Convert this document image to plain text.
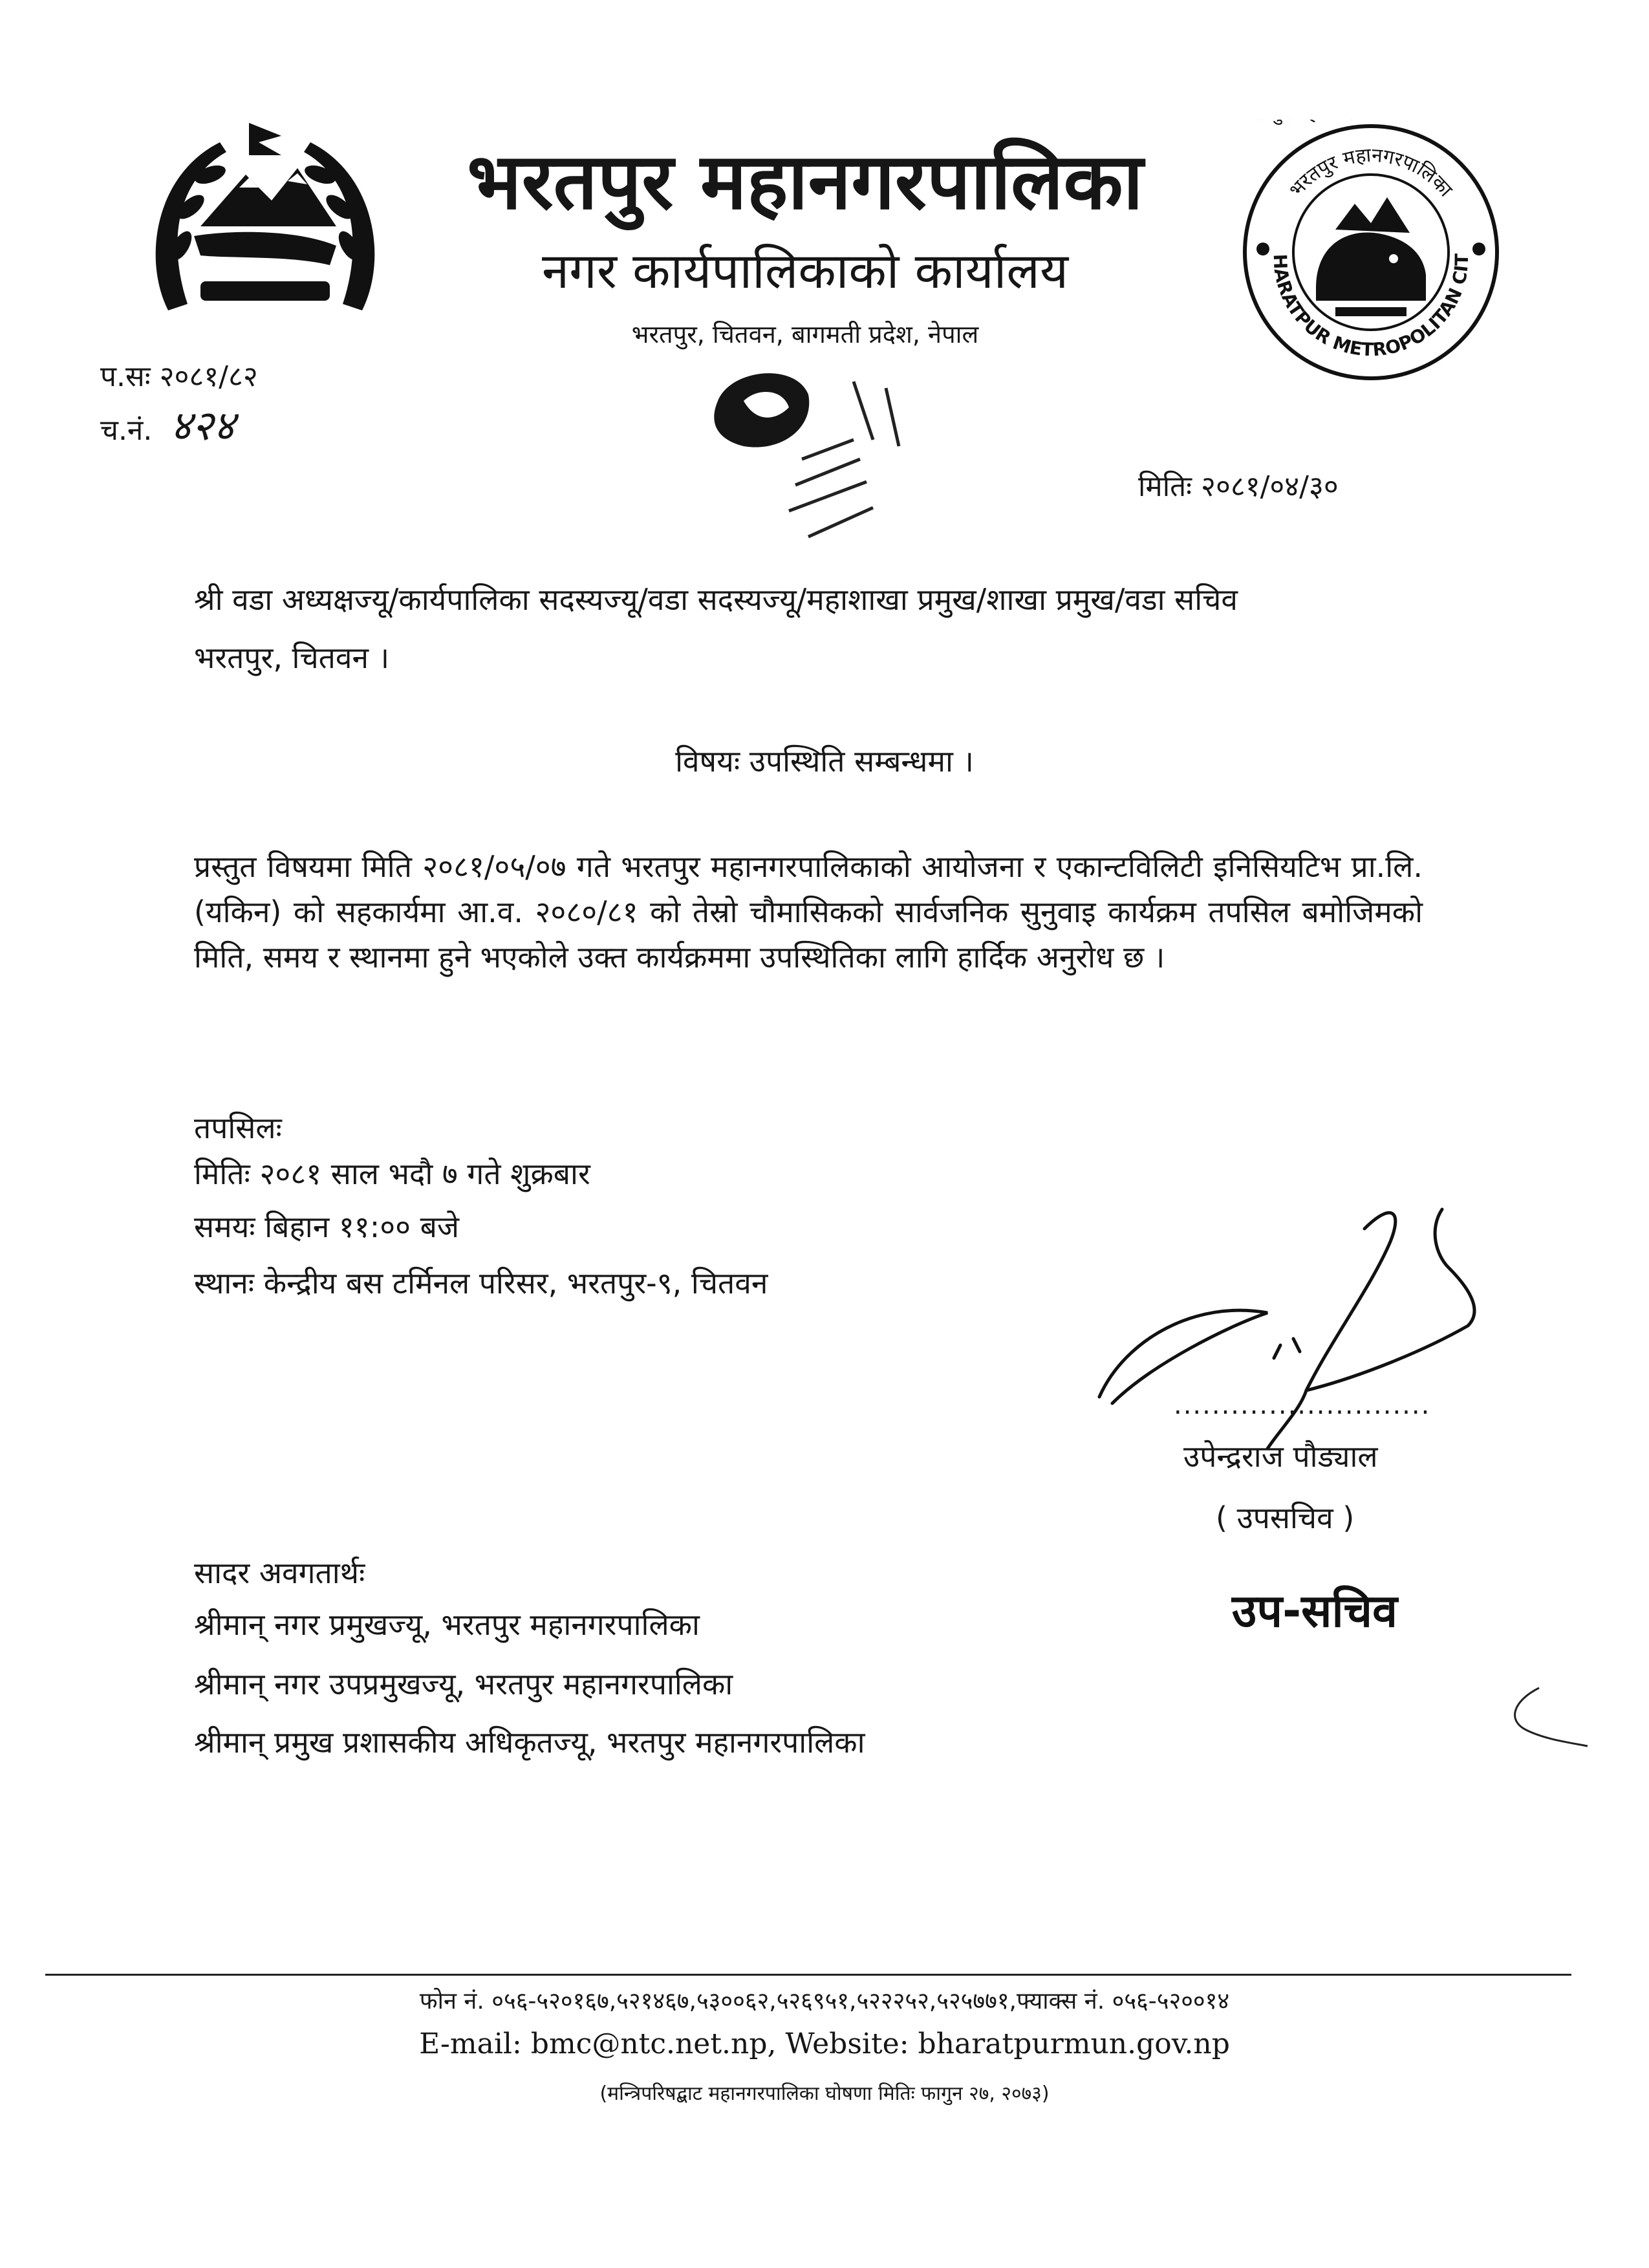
भरतपुर महानगरपालिका
HARATPUR METROPOLITAN CIT
भरतपुर महानगरपालिका
नगर कार्यपालिकाको कार्यालय
भरतपुर, चितवन, बागमती प्रदेश, नेपाल
प.सः २०८१/८२
च.नं. ४२४
मितिः २०८१/०४/३०
श्री वडा अध्यक्षज्यू/कार्यपालिका सदस्यज्यू/वडा सदस्यज्यू/महाशाखा प्रमुख/शाखा प्रमुख/वडा सचिव
भरतपुर, चितवन ।
विषयः उपस्थिति सम्बन्धमा ।
प्रस्तुत विषयमा मिति २०८१/०५/०७ गते भरतपुर महानगरपालिकाको आयोजना र एकान्टविलिटी इनिसियटिभ प्रा.लि.(यकिन) को सहकार्यमा आ.व. २०८०/८१ को तेस्रो चौमासिकको सार्वजनिक सुनुवाइ कार्यक्रम तपसिल बमोजिमको मिति, समय र स्थानमा हुने भएकोले उक्त कार्यक्रममा उपस्थितिका लागि हार्दिक अनुरोध छ ।
तपसिलः
मितिः २०८१ साल भदौ ७ गते शुक्रबार
समयः बिहान ११:०० बजे
स्थानः केन्द्रीय बस टर्मिनल परिसर, भरतपुर-९, चितवन
...........................
उपेन्द्रराज पौड्याल
( उपसचिव )
उप-सचिव
सादर अवगतार्थः
श्रीमान् नगर प्रमुखज्यू, भरतपुर महानगरपालिका
श्रीमान् नगर उपप्रमुखज्यू, भरतपुर महानगरपालिका
श्रीमान् प्रमुख प्रशासकीय अधिकृतज्यू, भरतपुर महानगरपालिका
फोन नं. ०५६-५२०१६७,५२१४६७,५३००६२,५२६९५१,५२२२५२,५२५७७१,फ्याक्स नं. ०५६-५२००१४
E-mail: bmc@ntc.net.np, Website: bharatpurmun.gov.np
(मन्त्रिपरिषद्बाट महानगरपालिका घोषणा मितिः फागुन २७, २०७३)
